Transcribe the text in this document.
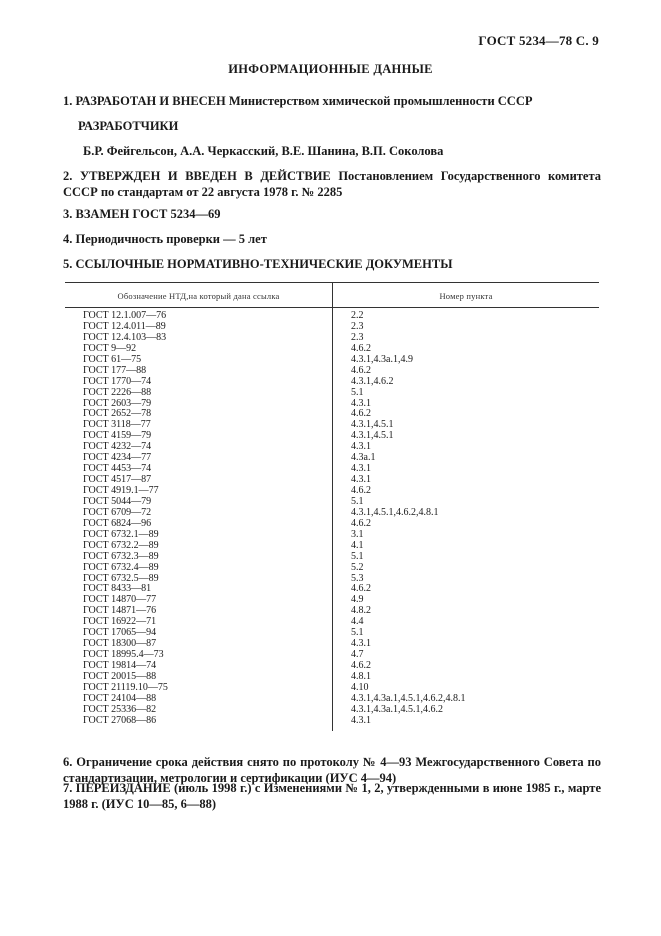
ГОСТ 5234—78 С. 9
ИНФОРМАЦИОННЫЕ ДАННЫЕ
1. РАЗРАБОТАН И ВНЕСЕН Министерством химической промышленности СССР
РАЗРАБОТЧИКИ
Б.Р. Фейгельсон, А.А. Черкасский, В.Е. Шанина, В.П. Соколова
2. УТВЕРЖДЕН И ВВЕДЕН В ДЕЙСТВИЕ Постановлением Государственного комитета СССР по стандартам от 22 августа 1978 г. № 2285
3. ВЗАМЕН ГОСТ 5234—69
4. Периодичность проверки — 5 лет
5. ССЫЛОЧНЫЕ НОРМАТИВНО-ТЕХНИЧЕСКИЕ ДОКУМЕНТЫ
Обозначение НТД,на который дана ссылка	Номер пункта
ГОСТ 12.1.007—76
ГОСТ 12.4.011—89
ГОСТ 12.4.103—83
ГОСТ 9—92
ГОСТ 61—75
ГОСТ 177—88
ГОСТ 1770—74
ГОСТ 2226—88
ГОСТ 2603—79
ГОСТ 2652—78
ГОСТ 3118—77
ГОСТ 4159—79
ГОСТ 4232—74
ГОСТ 4234—77
ГОСТ 4453—74
ГОСТ 4517—87
ГОСТ 4919.1—77
ГОСТ 5044—79
ГОСТ 6709—72
ГОСТ 6824—96
ГОСТ 6732.1—89
ГОСТ 6732.2—89
ГОСТ 6732.3—89
ГОСТ 6732.4—89
ГОСТ 6732.5—89
ГОСТ 8433—81
ГОСТ 14870—77
ГОСТ 14871—76
ГОСТ 16922—71
ГОСТ 17065—94
ГОСТ 18300—87
ГОСТ 18995.4—73
ГОСТ 19814—74
ГОСТ 20015—88
ГОСТ 21119.10—75
ГОСТ 24104—88
ГОСТ 25336—82
ГОСТ 27068—86
2.2
2.3
2.3
4.6.2
4.3.1,4.3а.1,4.9
4.6.2
4.3.1,4.6.2
5.1
4.3.1
4.6.2
4.3.1,4.5.1
4.3.1,4.5.1
4.3.1
4.3а.1
4.3.1
4.3.1
4.6.2
5.1
4.3.1,4.5.1,4.6.2,4.8.1
4.6.2
3.1
4.1
5.1
5.2
5.3
4.6.2
4.9
4.8.2
4.4
5.1
4.3.1
4.7
4.6.2
4.8.1
4.10
4.3.1,4.3а.1,4.5.1,4.6.2,4.8.1
4.3.1,4.3а.1,4.5.1,4.6.2
4.3.1
6. Ограничение срока действия снято по протоколу № 4—93 Межгосударственного Совета по стандартизации, метрологии и сертификации (ИУС 4—94)
7. ПЕРЕИЗДАНИЕ (июль 1998 г.) с Изменениями № 1, 2, утвержденными в июне 1985 г., марте 1988 г. (ИУС 10—85, 6—88)
